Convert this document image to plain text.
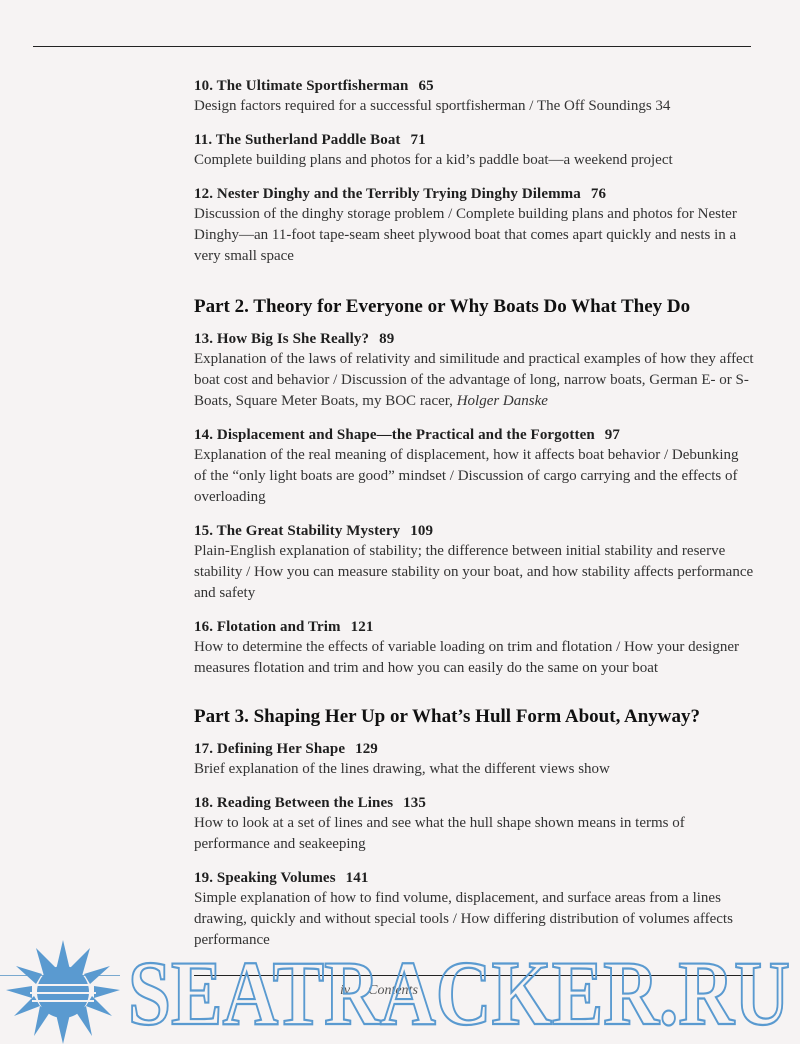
10. The Ultimate Sportfisherman 65
Design factors required for a successful sportfisherman / The Off Soundings 34
11. The Sutherland Paddle Boat 71
Complete building plans and photos for a kid’s paddle boat—a weekend project
12. Nester Dinghy and the Terribly Trying Dinghy Dilemma 76
Discussion of the dinghy storage problem / Complete building plans and photos for Nester Dinghy—an 11-foot tape-seam sheet plywood boat that comes apart quickly and nests in a very small space
Part 2. Theory for Everyone or Why Boats Do What They Do
13. How Big Is She Really? 89
Explanation of the laws of relativity and similitude and practical examples of how they affect boat cost and behavior / Discussion of the advantage of long, narrow boats, German E- or S-Boats, Square Meter Boats, my BOC racer, Holger Danske
14. Displacement and Shape—the Practical and the Forgotten 97
Explanation of the real meaning of displacement, how it affects boat behavior / Debunking of the “only light boats are good” mindset / Discussion of cargo carrying and the effects of overloading
15. The Great Stability Mystery 109
Plain-English explanation of stability; the difference between initial stability and reserve stability / How you can measure stability on your boat, and how stability affects performance and safety
16. Flotation and Trim 121
How to determine the effects of variable loading on trim and flotation / How your designer measures flotation and trim and how you can easily do the same on your boat
Part 3. Shaping Her Up or What’s Hull Form About, Anyway?
17. Defining Her Shape 129
Brief explanation of the lines drawing, what the different views show
18. Reading Between the Lines 135
How to look at a set of lines and see what the hull shape shown means in terms of performance and seakeeping
19. Speaking Volumes 141
Simple explanation of how to find volume, displacement, and surface areas from a lines drawing, quickly and without special tools / How differing distribution of volumes affects performance
iv Contents
SEATRACKER.RU
